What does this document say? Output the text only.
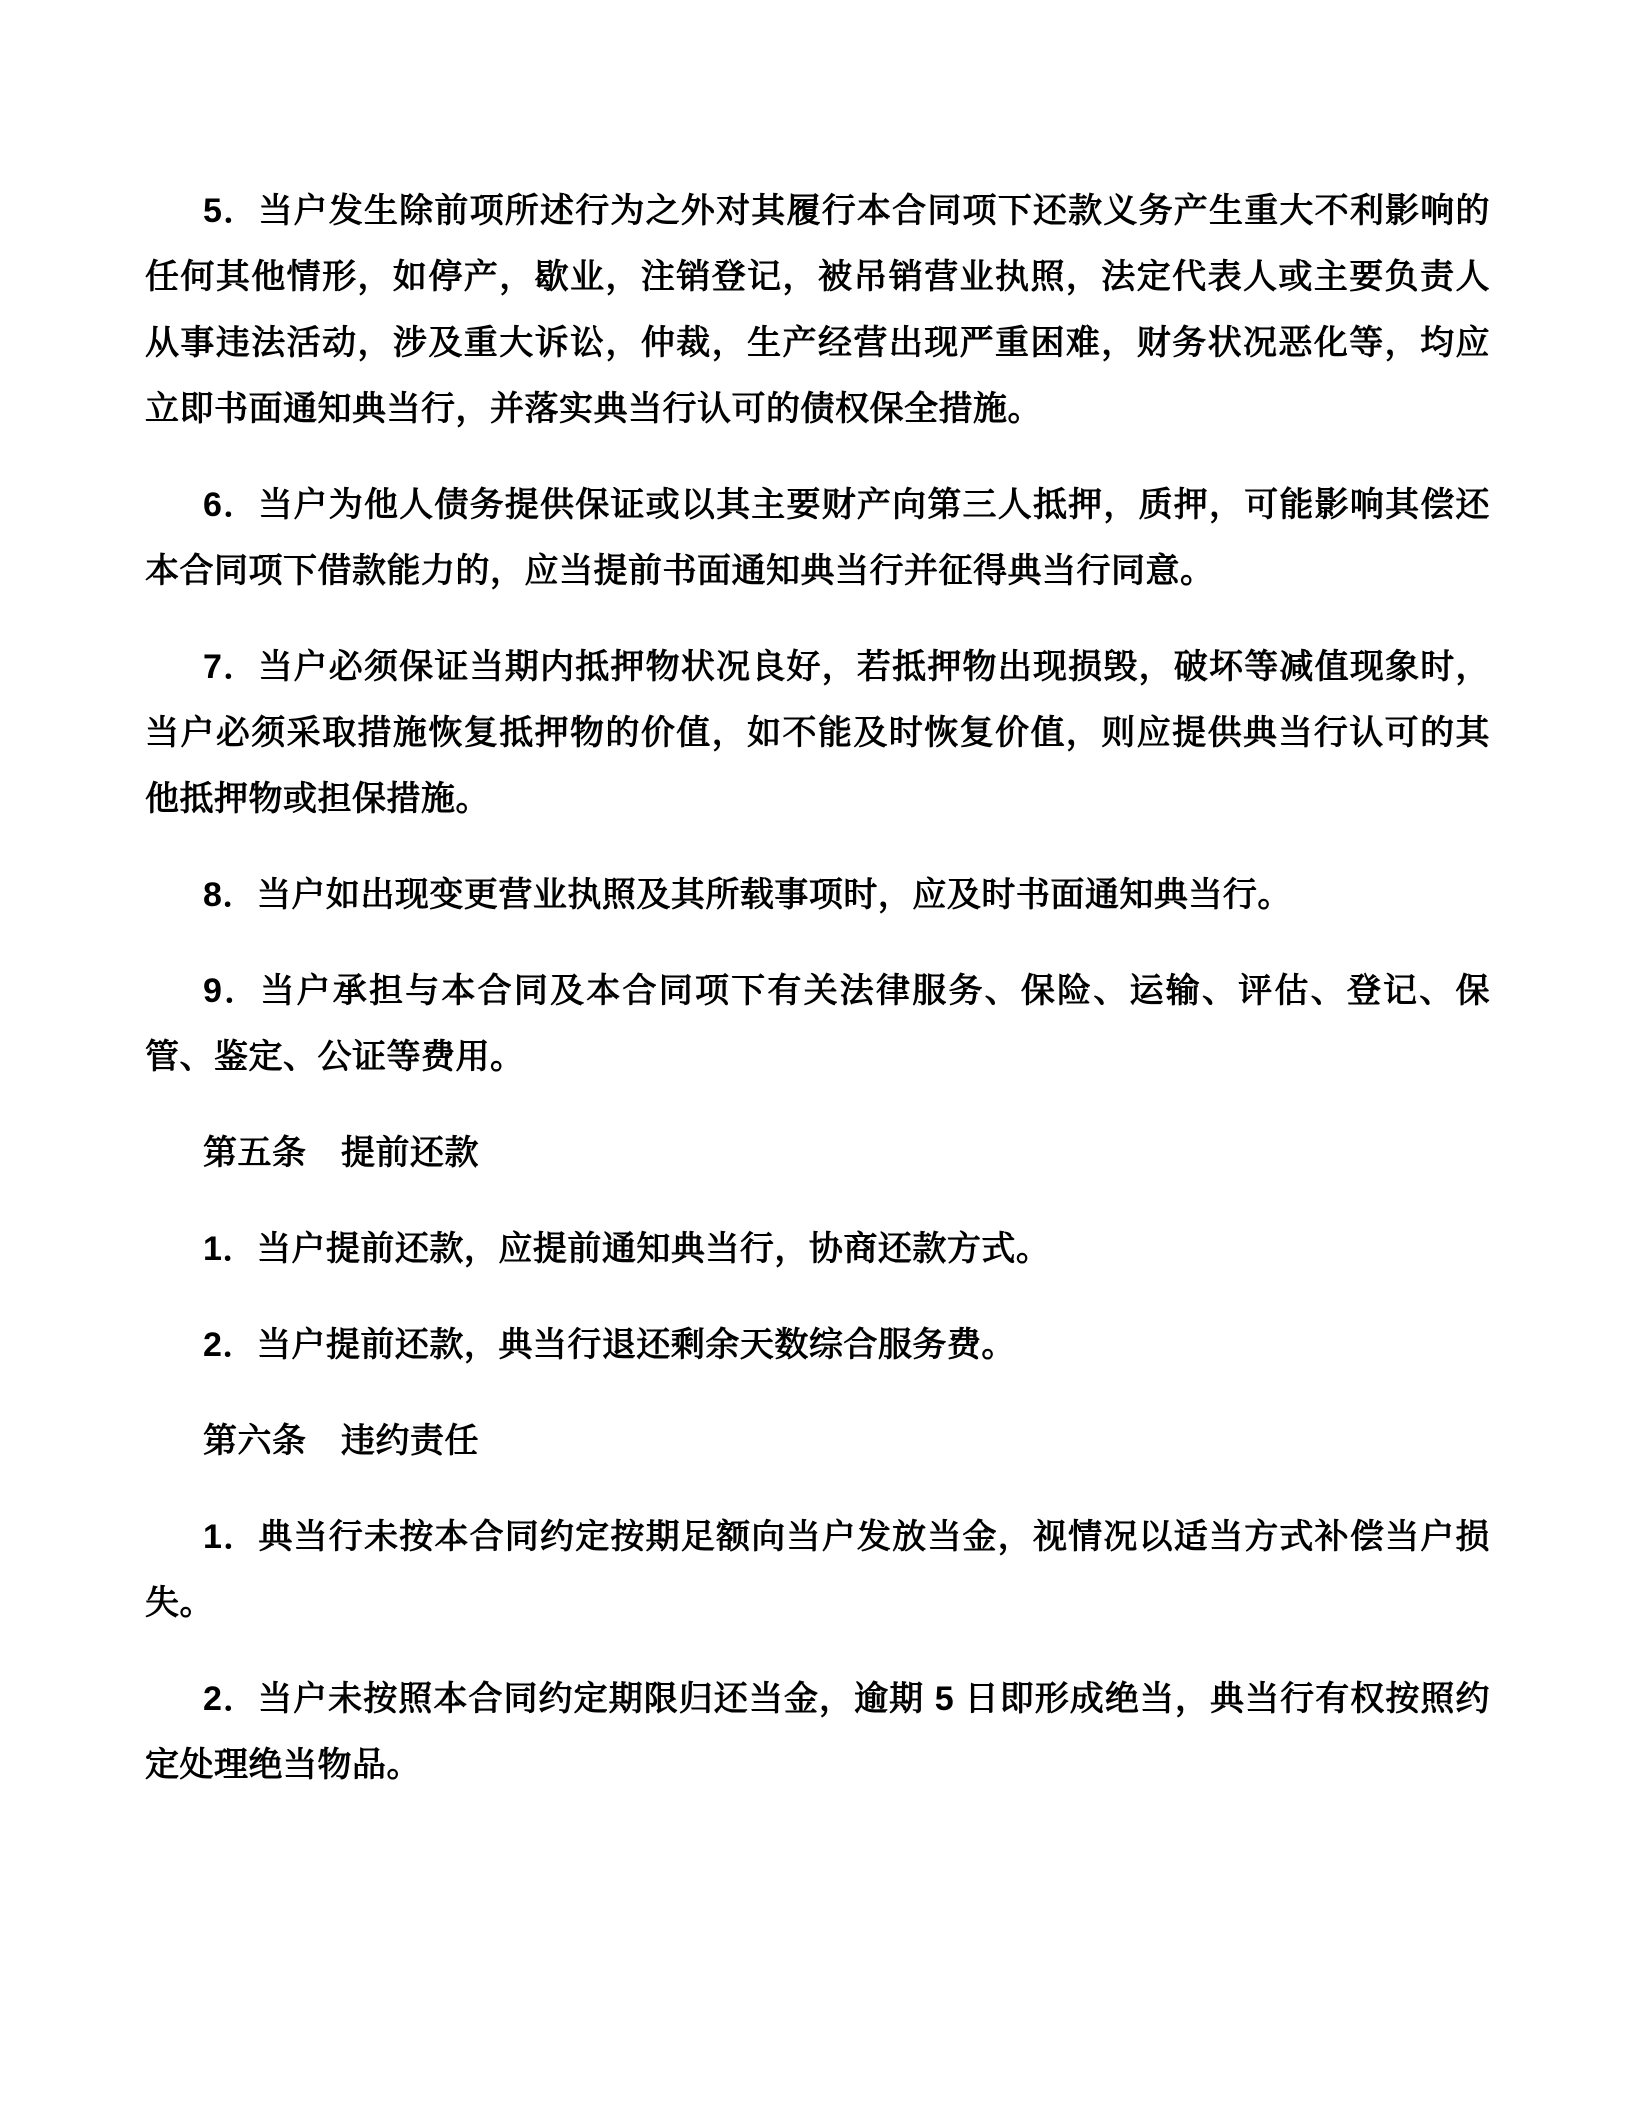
5．当户发生除前项所述行为之外对其履行本合同项下还款义务产生重大不利影响的任何其他情形，如停产，歇业，注销登记，被吊销营业执照，法定代表人或主要负责人从事违法活动，涉及重大诉讼，仲裁，生产经营出现严重困难，财务状况恶化等，均应立即书面通知典当行，并落实典当行认可的债权保全措施。

6．当户为他人债务提供保证或以其主要财产向第三人抵押，质押，可能影响其偿还本合同项下借款能力的，应当提前书面通知典当行并征得典当行同意。

7．当户必须保证当期内抵押物状况良好，若抵押物出现损毁，破坏等减值现象时，当户必须采取措施恢复抵押物的价值，如不能及时恢复价值，则应提供典当行认可的其他抵押物或担保措施。

8．当户如出现变更营业执照及其所载事项时，应及时书面通知典当行。

9．当户承担与本合同及本合同项下有关法律服务、保险、运输、评估、登记、保管、鉴定、公证等费用。

第五条　提前还款

1．当户提前还款，应提前通知典当行，协商还款方式。

2．当户提前还款，典当行退还剩余天数综合服务费。

第六条　违约责任

1．典当行未按本合同约定按期足额向当户发放当金，视情况以适当方式补偿当户损失。

2．当户未按照本合同约定期限归还当金，逾期 5 日即形成绝当，典当行有权按照约定处理绝当物品。
